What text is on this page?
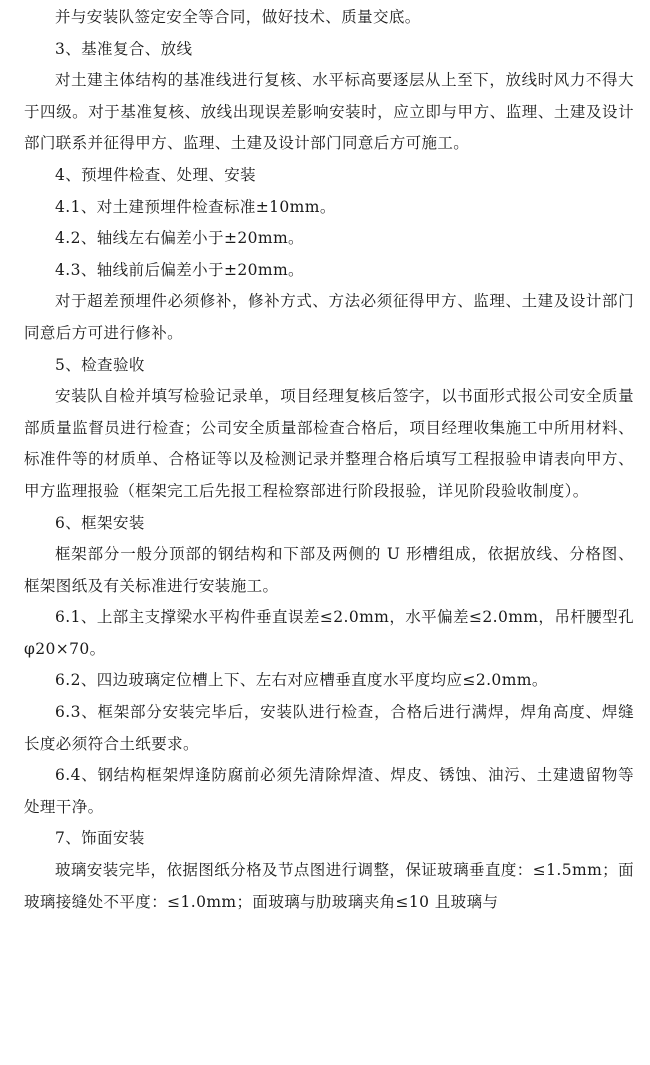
并与安装队签定安全等合同，做好技术、质量交底。

3、基准复合、放线

对土建主体结构的基准线进行复核、水平标高要逐层从上至下，放线时风力不得大于四级。对于基准复核、放线出现误差影响安装时，应立即与甲方、监理、土建及设计部门联系并征得甲方、监理、土建及设计部门同意后方可施工。

4、预埋件检查、处理、安装

4.1、对土建预埋件检查标准±10mm。

4.2、轴线左右偏差小于±20mm。

4.3、轴线前后偏差小于±20mm。

对于超差预埋件必须修补，修补方式、方法必须征得甲方、监理、土建及设计部门同意后方可进行修补。

5、检查验收

安装队自检并填写检验记录单，项目经理复核后签字，以书面形式报公司安全质量部质量监督员进行检查；公司安全质量部检查合格后，项目经理收集施工中所用材料、标准件等的材质单、合格证等以及检测记录并整理合格后填写工程报验申请表向甲方、甲方监理报验（框架完工后先报工程检察部进行阶段报验，详见阶段验收制度）。

6、框架安装

框架部分一般分顶部的钢结构和下部及两侧的 U 形槽组成，依据放线、分格图、框架图纸及有关标准进行安装施工。

6.1、上部主支撑梁水平构件垂直误差≤2.0mm，水平偏差≤2.0mm，吊杆腰型孔φ20×70。

6.2、四边玻璃定位槽上下、左右对应槽垂直度水平度均应≤2.0mm。

6.3、框架部分安装完毕后，安装队进行检查，合格后进行满焊，焊角高度、焊缝长度必须符合土纸要求。

6.4、钢结构框架焊逢防腐前必须先清除焊渣、焊皮、锈蚀、油污、土建遗留物等处理干净。

7、饰面安装

玻璃安装完毕，依据图纸分格及节点图进行调整，保证玻璃垂直度：≤1.5mm；面玻璃接缝处不平度：≤1.0mm；面玻璃与肋玻璃夹角≤10 且玻璃与
